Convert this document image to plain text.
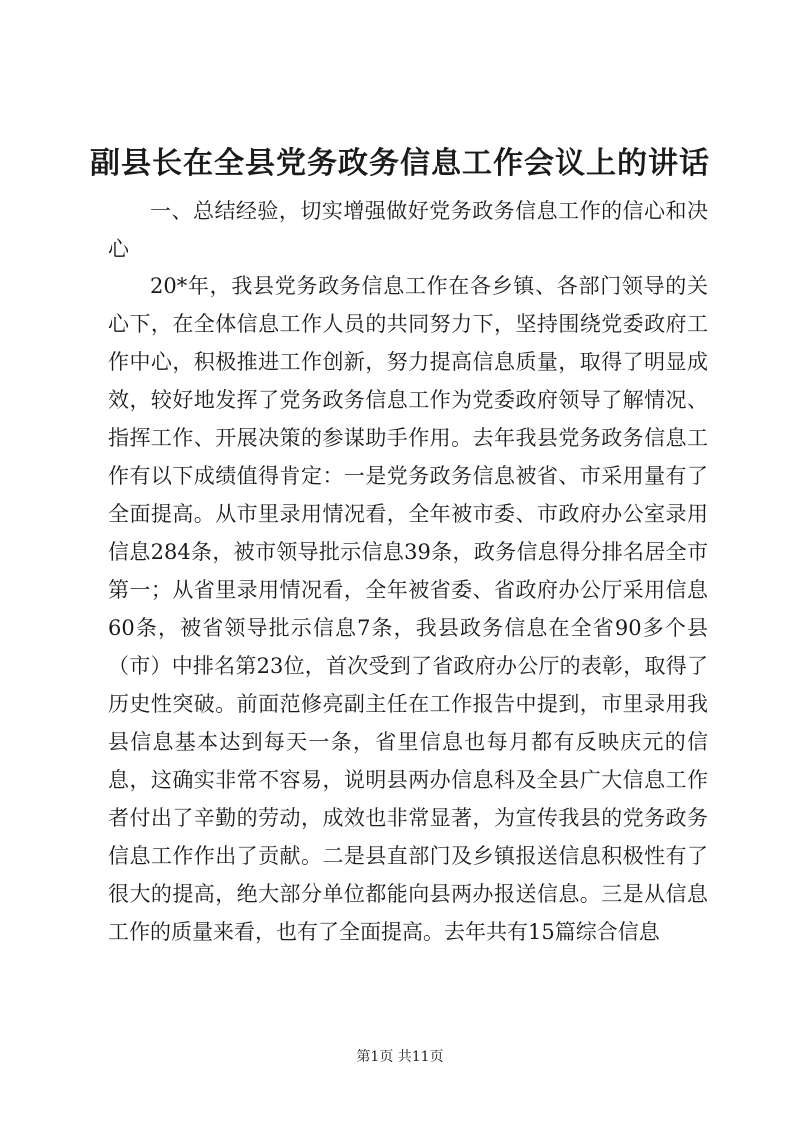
副县长在全县党务政务信息工作会议上的讲话

一、总结经验，切实增强做好党务政务信息工作的信心和决心

20*年，我县党务政务信息工作在各乡镇、各部门领导的关心下，在全体信息工作人员的共同努力下，坚持围绕党委政府工作中心，积极推进工作创新，努力提高信息质量，取得了明显成效，较好地发挥了党务政务信息工作为党委政府领导了解情况、指挥工作、开展决策的参谋助手作用。去年我县党务政务信息工作有以下成绩值得肯定：一是党务政务信息被省、市采用量有了全面提高。从市里录用情况看，全年被市委、市政府办公室录用信息284条，被市领导批示信息39条，政务信息得分排名居全市第一；从省里录用情况看，全年被省委、省政府办公厅采用信息60条，被省领导批示信息7条，我县政务信息在全省90多个县（市）中排名第23位，首次受到了省政府办公厅的表彰，取得了历史性突破。前面范修亮副主任在工作报告中提到，市里录用我县信息基本达到每天一条，省里信息也每月都有反映庆元的信息，这确实非常不容易，说明县两办信息科及全县广大信息工作者付出了辛勤的劳动，成效也非常显著，为宣传我县的党务政务信息工作作出了贡献。二是县直部门及乡镇报送信息积极性有了很大的提高，绝大部分单位都能向县两办报送信息。三是从信息工作的质量来看，也有了全面提高。去年共有15篇综合信息

第1页 共11页
